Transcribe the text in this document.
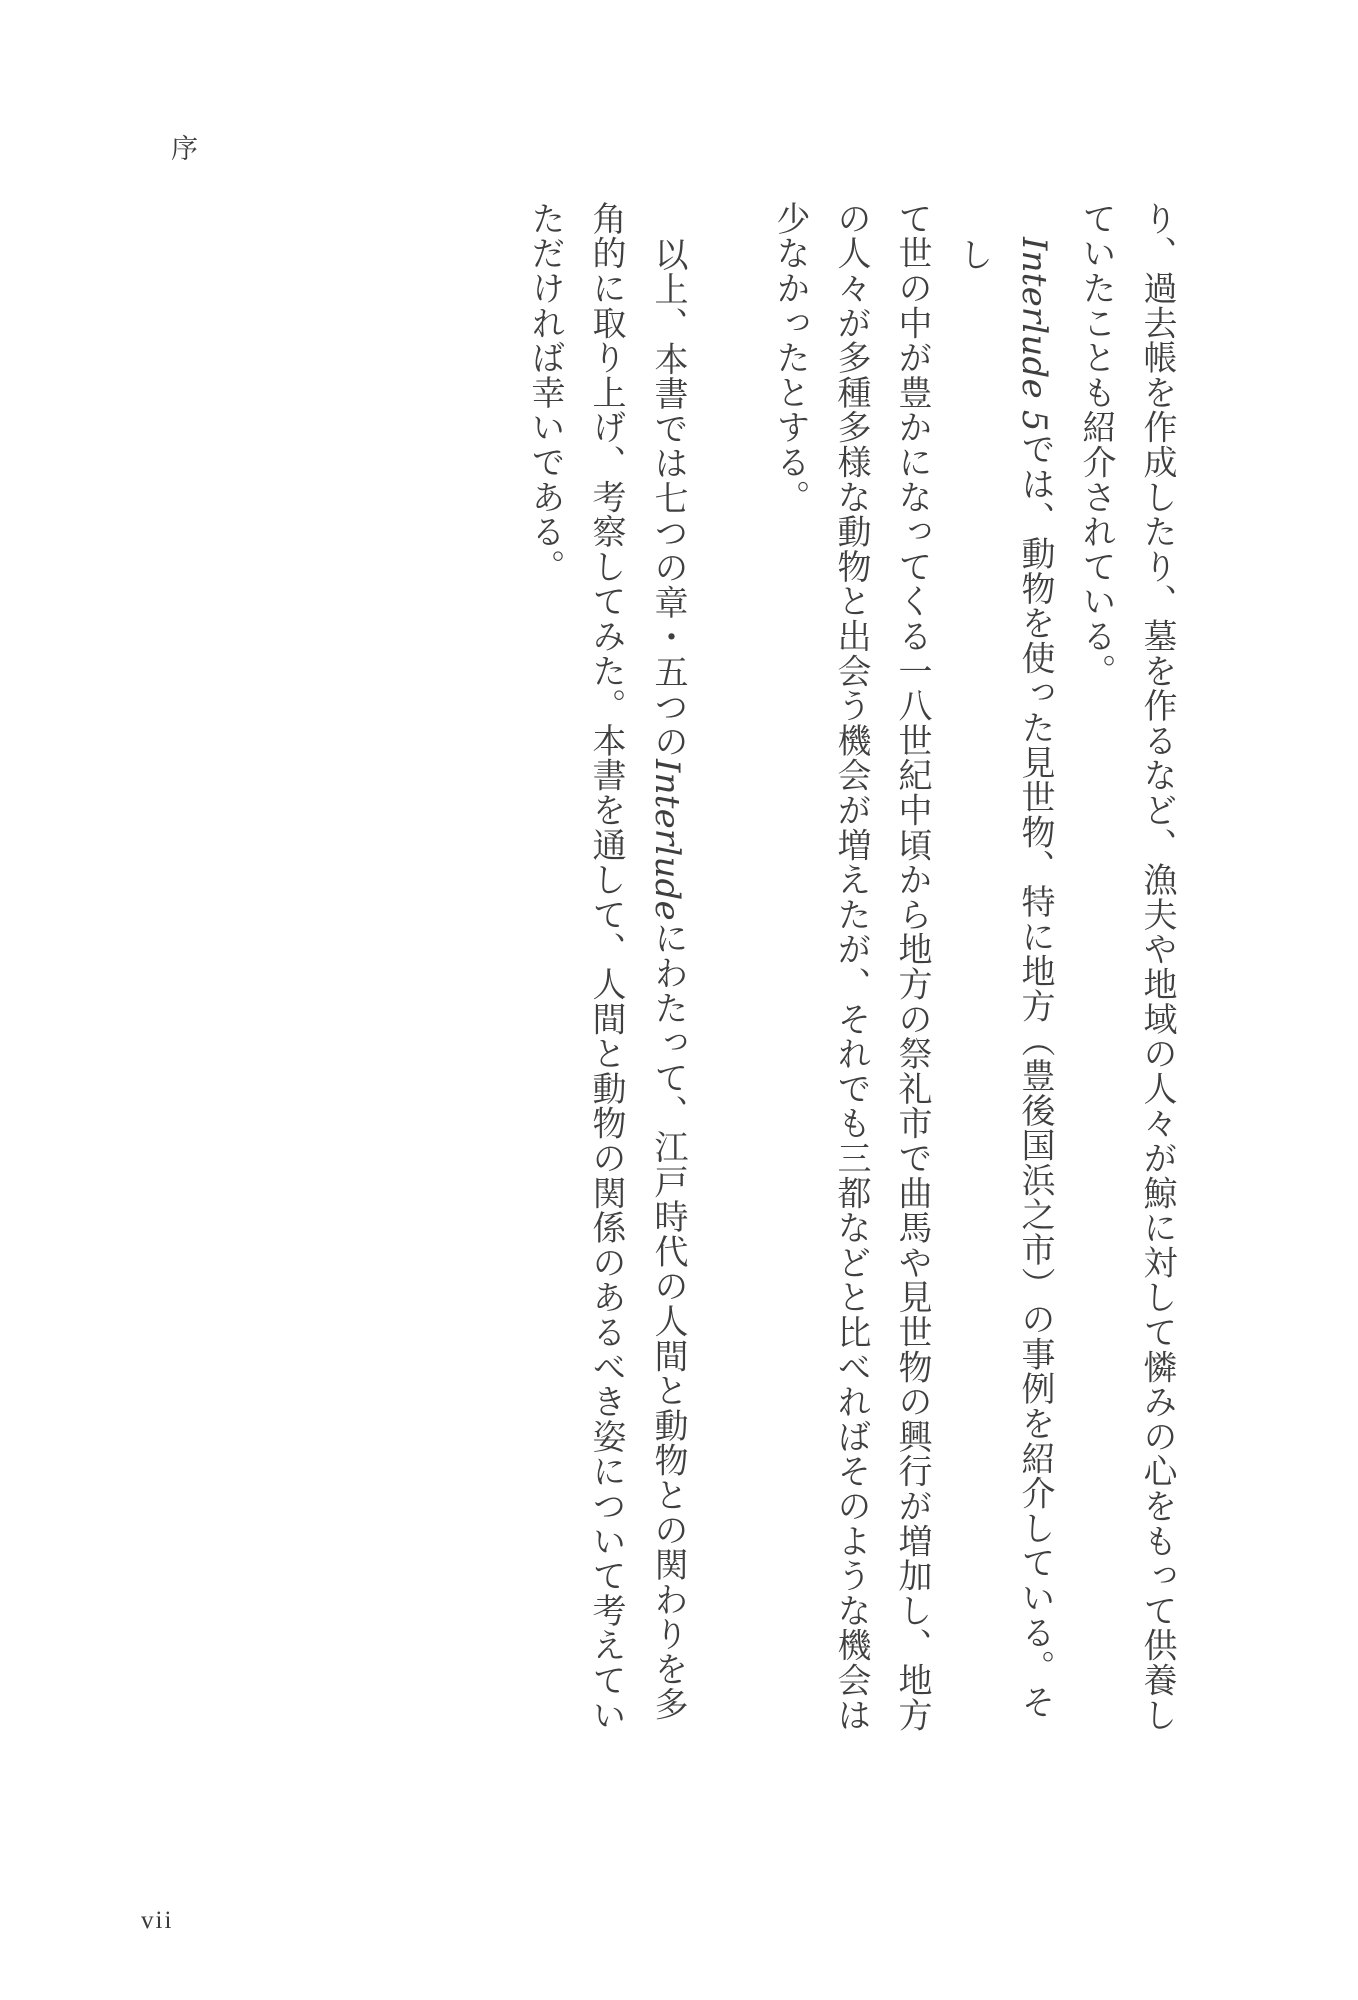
序
り、過去帳を作成したり、墓を作るなど、漁夫や地域の人々が鯨に対して憐みの心をもって供養し
ていたことも紹介されている。
Interlude 5では、動物を使った見世物、特に地方（豊後国浜之市）の事例を紹介している。そし
て世の中が豊かになってくる一八世紀中頃から地方の祭礼市で曲馬や見世物の興行が増加し、地方
の人々が多種多様な動物と出会う機会が増えたが、それでも三都などと比べればそのような機会は
少なかったとする。
以上、本書では七つの章・五つのInterludeにわたって、江戸時代の人間と動物との関わりを多
角的に取り上げ、考察してみた。本書を通して、人間と動物の関係のあるべき姿について考えてい
ただければ幸いである。
vii
